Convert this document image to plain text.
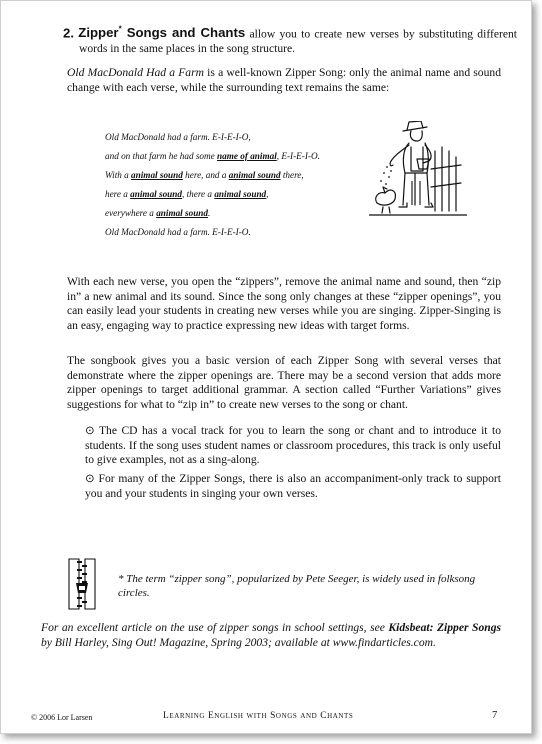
2. Zipper* Songs and Chants allow you to create new verses by substituting different words in the same places in the song structure.

Old MacDonald Had a Farm is a well-known Zipper Song: only the animal name and sound change with each verse, while the surrounding text remains the same:

Old MacDonald had a farm. E-I-E-I-O,
and on that farm he had some name of animal, E-I-E-I-O.
With a animal sound here, and a animal sound there,
here a animal sound, there a animal sound,
everywhere a animal sound.
Old MacDonald had a farm. E-I-E-I-O.

With each new verse, you open the “zippers”, remove the animal name and sound, then “zip in” a new animal and its sound. Since the song only changes at these “zipper openings”, you can easily lead your students in creating new verses while you are singing. Zipper-Singing is an easy, engaging way to practice expressing new ideas with target forms.

The songbook gives you a basic version of each Zipper Song with several verses that demonstrate where the zipper openings are. There may be a second version that adds more zipper openings to target additional grammar. A section called “Further Variations” gives suggestions for what to “zip in” to create new verses to the song or chant.

⊙ The CD has a vocal track for you to learn the song or chant and to introduce it to students. If the song uses student names or classroom procedures, this track is only useful to give examples, not as a sing-along.

⊙ For many of the Zipper Songs, there is also an accompaniment-only track to support you and your students in singing your own verses.

* The term “zipper song”, popularized by Pete Seeger, is widely used in folksong circles.

For an excellent article on the use of zipper songs in school settings, see Kidsbeat: Zipper Songs by Bill Harley, Sing Out! Magazine, Spring 2003; available at www.findarticles.com.

© 2006 Lor Larsen	Learning English with Songs and Chants	7
